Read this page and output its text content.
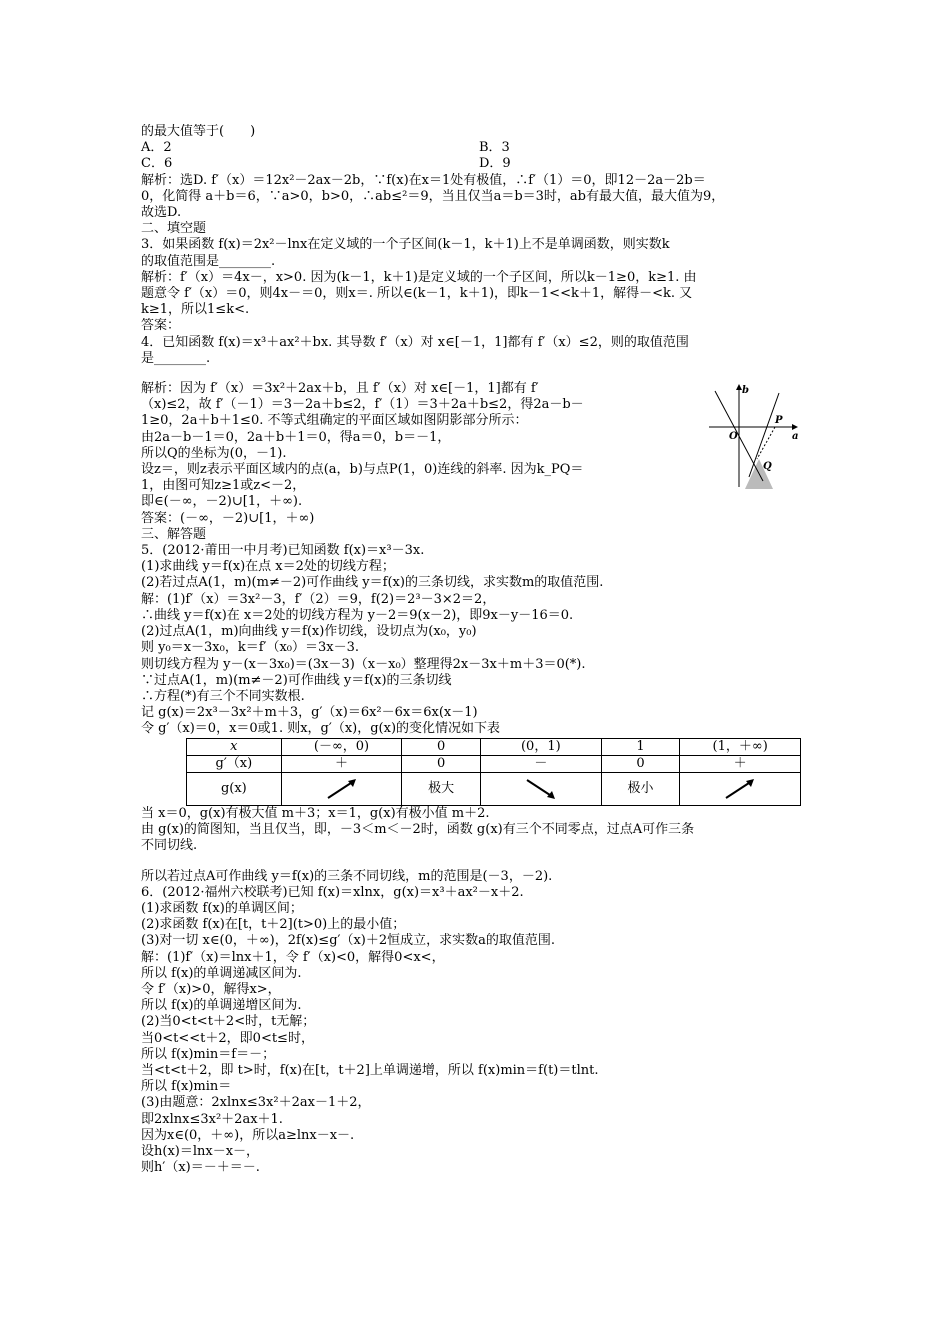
的最大值等于(　　)
A．2	B．3
C．6	D．9
解析：选D. f′（x）＝12x²－2ax－2b，∵f(x)在x＝1处有极值，∴f′（1）＝0，即12－2a－2b＝
0，化简得 a＋b＝6，∵a>0，b>0，∴ab≤²＝9，当且仅当a＝b＝3时，ab有最大值，最大值为9，
故选D.
二、填空题
3．如果函数 f(x)＝2x²－lnx在定义域的一个子区间(k－1，k＋1)上不是单调函数，则实数k
的取值范围是________.
解析：f′（x）＝4x－，x>0. 因为(k－1，k＋1)是定义域的一个子区间，所以k－1≥0，k≥1. 由
题意令 f′（x）＝0，则4x－＝0，则x＝. 所以∈(k－1，k＋1)，即k－1<<k＋1，解得－<k. 又
k≥1，所以1≤k<.
答案：
4．已知函数 f(x)＝x³＋ax²＋bx. 其导数 f′（x）对 x∈[－1，1]都有 f′（x）≤2，则的取值范围
是________.
解析：因为 f′（x）＝3x²＋2ax＋b，且 f′（x）对 x∈[－1，1]都有 f′
（x)≤2，故 f′（－1）＝3－2a＋b≤2，f′（1）＝3＋2a＋b≤2，得2a－b－
1≥0，2a＋b＋1≤0. 不等式组确定的平面区域如图阴影部分所示：
由2a－b－1＝0，2a＋b＋1＝0，得a＝0，b＝－1，
所以Q的坐标为(0，－1).
设z＝，则z表示平面区域内的点(a，b)与点P(1，0)连线的斜率. 因为k_PQ＝
1，由图可知z≥1或z<－2，
即∈(－∞，－2)∪[1，＋∞).
答案：(－∞，－2)∪[1，＋∞)
b
a
O
P
Q
三、解答题
5．(2012·莆田一中月考)已知函数 f(x)＝x³－3x.
(1)求曲线 y＝f(x)在点 x＝2处的切线方程；
(2)若过点A(1，m)(m≠－2)可作曲线 y＝f(x)的三条切线，求实数m的取值范围.
解：(1)f′（x）＝3x²－3，f′（2）＝9，f(2)＝2³－3×2＝2，
∴曲线 y＝f(x)在 x＝2处的切线方程为 y－2＝9(x－2)，即9x－y－16＝0.
(2)过点A(1，m)向曲线 y＝f(x)作切线，设切点为(x₀，y₀)
则 y₀＝x－3x₀，k＝f′（x₀）＝3x－3.
则切线方程为 y－(x－3x₀)＝(3x－3)（x－x₀）整理得2x－3x＋m＋3＝0(*).
∵过点A(1，m)(m≠－2)可作曲线 y＝f(x)的三条切线
∴方程(*)有三个不同实数根.
记 g(x)＝2x³－3x²＋m＋3，g′（x)＝6x²－6x＝6x(x－1)
令 g′（x)＝0，x＝0或1. 则x，g′（x)，g(x)的变化情况如下表
x	(－∞，0)	0	(0，1)	1	(1，＋∞)
g′（x)	＋	0	－	0	＋
g(x)		极大		极小	
当 x＝0，g(x)有极大值 m＋3；x＝1，g(x)有极小值 m＋2.
由 g(x)的简图知，当且仅当，即，－3＜m＜－2时，函数 g(x)有三个不同零点，过点A可作三条
不同切线.
所以若过点A可作曲线 y＝f(x)的三条不同切线，m的范围是(－3，－2).
6．(2012·福州六校联考)已知 f(x)＝xlnx，g(x)＝x³＋ax²－x＋2.
(1)求函数 f(x)的单调区间；
(2)求函数 f(x)在[t，t＋2](t>0)上的最小值；
(3)对一切 x∈(0，＋∞)，2f(x)≤g′（x)＋2恒成立，求实数a的取值范围.
解：(1)f′（x)＝lnx＋1，令 f′（x)<0，解得0<x<，
所以 f(x)的单调递减区间为.
令 f′（x)>0，解得x>，
所以 f(x)的单调递增区间为.
(2)当0<t<t＋2<时，t无解；
当0<t<<t＋2，即0<t≤时，
所以 f(x)min＝f＝－；
当<t<t＋2，即 t>时，f(x)在[t，t＋2]上单调递增，所以 f(x)min＝f(t)＝tlnt.
所以 f(x)min＝
(3)由题意：2xlnx≤3x²＋2ax－1＋2，
即2xlnx≤3x²＋2ax＋1.
因为x∈(0，＋∞)，所以a≥lnx－x－.
设h(x)＝lnx－x－，
则h′（x)＝－＋＝－.
